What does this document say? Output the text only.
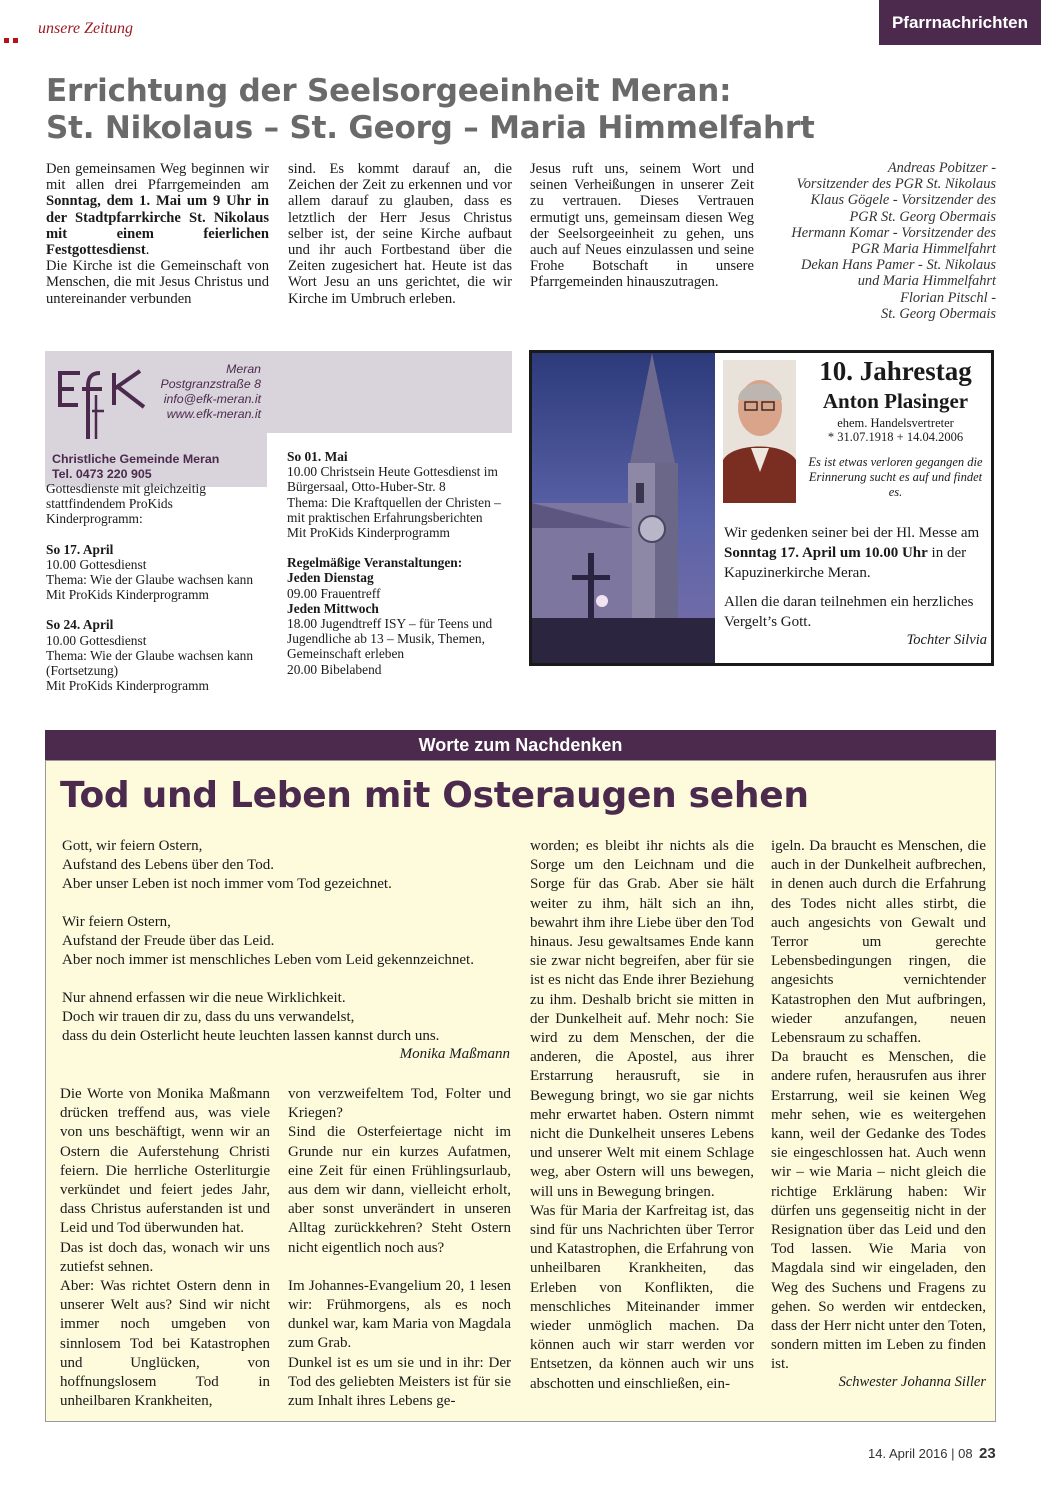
unsere Zeitung	Pfarrnachrichten
Errichtung der Seelsorgeeinheit Meran:
St. Nikolaus – St. Georg – Maria Himmelfahrt

Den gemeinsamen Weg beginnen wir mit allen drei Pfarrgemeinden am Sonntag, dem 1. Mai um 9 Uhr in der Stadtpfarrkirche St. Nikolaus mit einem feierlichen Festgottesdienst.

Die Kirche ist die Gemeinschaft von Menschen, die mit Jesus Christus und untereinander verbunden

sind. Es kommt darauf an, die Zeichen der Zeit zu erkennen und vor allem darauf zu glauben, dass es letztlich der Herr Jesus Christus selber ist, der seine Kirche aufbaut und ihr auch Fortbestand über die Zeiten zugesichert hat. Heute ist das Wort Jesu an uns gerichtet, die wir Kirche im Umbruch erleben.

Jesus ruft uns, seinem Wort und seinen Verheißungen in unserer Zeit zu vertrauen. Dieses Vertrauen ermutigt uns, gemeinsam diesen Weg der Seelsorgeeinheit zu gehen, uns auch auf Neues einzulassen und seine Frohe Botschaft in unsere Pfarrgemeinden hinauszutragen.

Andreas Pobitzer -
Vorsitzender des PGR St. Nikolaus
Klaus Gögele - Vorsitzender des
PGR St. Georg Obermais
Hermann Komar - Vorsitzender des
PGR Maria Himmelfahrt
Dekan Hans Pamer - St. Nikolaus
und Maria Himmelfahrt
Florian Pitschl -
St. Georg Obermais
Meran
Postgranzstraße 8
info@efk-meran.it
www.efk-meran.it
Christliche Gemeinde Meran
Tel. 0473 220 905
Gottesdienste mit gleichzeitig stattfindendem ProKids Kinderprogramm:
So 17. April
10.00 Gottesdienst
Thema: Wie der Glaube wachsen kann
Mit ProKids Kinderprogramm
So 24. April
10.00 Gottesdienst
Thema: Wie der Glaube wachsen kann (Fortsetzung)
Mit ProKids Kinderprogramm
So 01. Mai
10.00 Christsein Heute Gottesdienst im Bürgersaal, Otto-Huber-Str. 8
Thema: Die Kraftquellen der Christen – mit praktischen Erfahrungsberichten
Mit ProKids Kinderprogramm
Regelmäßige Veranstaltungen:
Jeden Dienstag
09.00 Frauentreff
Jeden Mittwoch
18.00 Jugendtreff ISY – für Teens und Jugendliche ab 13 – Musik, Themen, Gemeinschaft erleben
20.00 Bibelabend
10. Jahrestag
Anton Plasinger
ehem. Handelsvertreter
* 31.07.1918 + 14.04.2006
Es ist etwas verloren gegangen die Erinnerung sucht es auf und findet es.
Wir gedenken seiner bei der Hl. Messe am Sonntag 17. April um 10.00 Uhr in der Kapuzinerkirche Meran.
Allen die daran teilnehmen ein herzliches Vergelt’s Gott.
Tochter Silvia
Worte zum Nachdenken
Tod und Leben mit Osteraugen sehen

Gott, wir feiern Ostern,
Aufstand des Lebens über den Tod.
Aber unser Leben ist noch immer vom Tod gezeichnet.

Wir feiern Ostern,
Aufstand der Freude über das Leid.
Aber noch immer ist menschliches Leben vom Leid gekennzeichnet.

Nur ahnend erfassen wir die neue Wirklichkeit.
Doch wir trauen dir zu, dass du uns verwandelst,
dass du dein Osterlicht heute leuchten lassen kannst durch uns.

Monika Maßmann

Die Worte von Monika Maßmann drücken treffend aus, was viele von uns beschäftigt, wenn wir an Ostern die Auferstehung Christi feiern. Die herrliche Osterliturgie verkündet und feiert jedes Jahr, dass Christus auferstanden ist und Leid und Tod überwunden hat.

Das ist doch das, wonach wir uns zutiefst sehnen.

Aber: Was richtet Ostern denn in unserer Welt aus? Sind wir nicht immer noch umgeben von sinnlosem Tod bei Katastrophen und Unglücken, von hoffnungslosem Tod in unheilbaren Krankheiten,

von verzweifeltem Tod, Folter und Kriegen?

Sind die Osterfeiertage nicht im Grunde nur ein kurzes Aufatmen, eine Zeit für einen Frühlingsurlaub, aus dem wir dann, vielleicht erholt, aber sonst unverändert in unseren Alltag zurückkehren? Steht Ostern nicht eigentlich noch aus?

Im Johannes-Evangelium 20, 1 lesen wir: Frühmorgens, als es noch dunkel war, kam Maria von Magdala zum Grab.

Dunkel ist es um sie und in ihr: Der Tod des geliebten Meisters ist für sie zum Inhalt ihres Lebens ge-

worden; es bleibt ihr nichts als die Sorge um den Leichnam und die Sorge für das Grab. Aber sie hält weiter zu ihm, hält sich an ihn, bewahrt ihm ihre Liebe über den Tod hinaus. Jesu gewaltsames Ende kann sie zwar nicht begreifen, aber für sie ist es nicht das Ende ihrer Beziehung zu ihm. Deshalb bricht sie mitten in der Dunkelheit auf. Mehr noch: Sie wird zu dem Menschen, der die anderen, die Apostel, aus ihrer Erstarrung herausruft, sie in Bewegung bringt, wo sie gar nichts mehr erwartet haben. Ostern nimmt nicht die Dunkelheit unseres Lebens und unserer Welt mit einem Schlage weg, aber Ostern will uns bewegen, will uns in Bewegung bringen.

Was für Maria der Karfreitag ist, das sind für uns Nachrichten über Terror und Katastrophen, die Erfahrung von unheilbaren Krankheiten, das Erleben von Konflikten, die menschliches Miteinander immer wieder unmöglich machen. Da können auch wir starr werden vor Entsetzen, da können auch wir uns abschotten und einschließen, ein-

igeln. Da braucht es Menschen, die auch in der Dunkelheit aufbrechen, in denen auch durch die Erfahrung des Todes nicht alles stirbt, die auch angesichts von Gewalt und Terror um gerechte Lebensbedingungen ringen, die angesichts vernichtender Katastrophen den Mut aufbringen, wieder anzufangen, neuen Lebensraum zu schaffen.

Da braucht es Menschen, die andere rufen, herausrufen aus ihrer Erstarrung, weil sie keinen Weg mehr sehen, wie es weitergehen kann, weil der Gedanke des Todes sie eingeschlossen hat. Auch wenn wir – wie Maria – nicht gleich die richtige Erklärung haben: Wir dürfen uns gegenseitig nicht in der Resignation über das Leid und den Tod lassen. Wie Maria von Magdala sind wir eingeladen, den Weg des Suchens und Fragens zu gehen. So werden wir entdecken, dass der Herr nicht unter den Toten, sondern mitten im Leben zu finden ist.

Schwester Johanna Siller
14. April 2016 | 08 23
